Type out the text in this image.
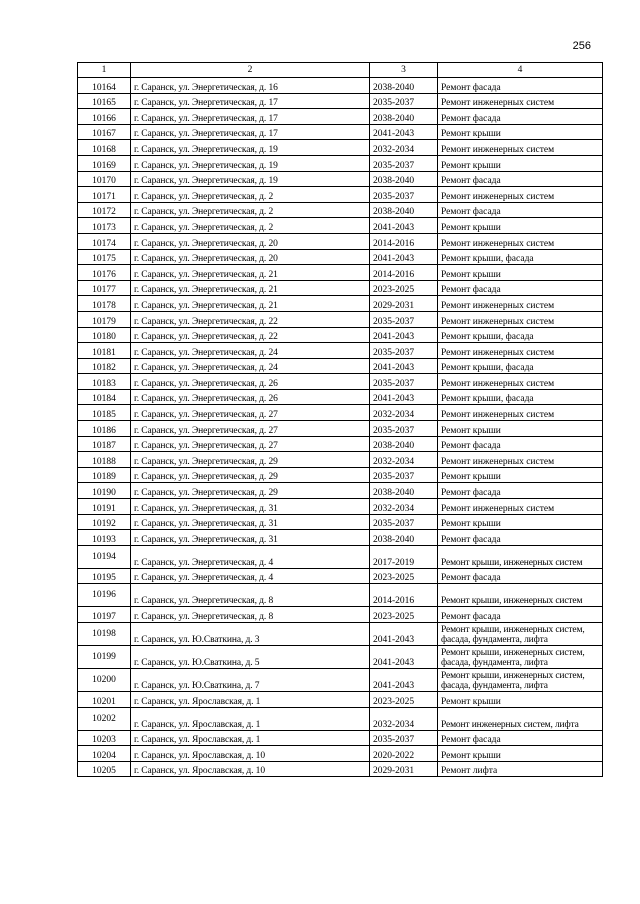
256
1	2	3	4
10164	г. Саранск, ул. Энергетическая, д. 16	2038-2040	Ремонт фасада
10165	г. Саранск, ул. Энергетическая, д. 17	2035-2037	Ремонт инженерных систем
10166	г. Саранск, ул. Энергетическая, д. 17	2038-2040	Ремонт фасада
10167	г. Саранск, ул. Энергетическая, д. 17	2041-2043	Ремонт крыши
10168	г. Саранск, ул. Энергетическая, д. 19	2032-2034	Ремонт инженерных систем
10169	г. Саранск, ул. Энергетическая, д. 19	2035-2037	Ремонт крыши
10170	г. Саранск, ул. Энергетическая, д. 19	2038-2040	Ремонт фасада
10171	г. Саранск, ул. Энергетическая, д. 2	2035-2037	Ремонт инженерных систем
10172	г. Саранск, ул. Энергетическая, д. 2	2038-2040	Ремонт фасада
10173	г. Саранск, ул. Энергетическая, д. 2	2041-2043	Ремонт крыши
10174	г. Саранск, ул. Энергетическая, д. 20	2014-2016	Ремонт инженерных систем
10175	г. Саранск, ул. Энергетическая, д. 20	2041-2043	Ремонт крыши, фасада
10176	г. Саранск, ул. Энергетическая, д. 21	2014-2016	Ремонт крыши
10177	г. Саранск, ул. Энергетическая, д. 21	2023-2025	Ремонт фасада
10178	г. Саранск, ул. Энергетическая, д. 21	2029-2031	Ремонт инженерных систем
10179	г. Саранск, ул. Энергетическая, д. 22	2035-2037	Ремонт инженерных систем
10180	г. Саранск, ул. Энергетическая, д. 22	2041-2043	Ремонт крыши, фасада
10181	г. Саранск, ул. Энергетическая, д. 24	2035-2037	Ремонт инженерных систем
10182	г. Саранск, ул. Энергетическая, д. 24	2041-2043	Ремонт крыши, фасада
10183	г. Саранск, ул. Энергетическая, д. 26	2035-2037	Ремонт инженерных систем
10184	г. Саранск, ул. Энергетическая, д. 26	2041-2043	Ремонт крыши, фасада
10185	г. Саранск, ул. Энергетическая, д. 27	2032-2034	Ремонт инженерных систем
10186	г. Саранск, ул. Энергетическая, д. 27	2035-2037	Ремонт крыши
10187	г. Саранск, ул. Энергетическая, д. 27	2038-2040	Ремонт фасада
10188	г. Саранск, ул. Энергетическая, д. 29	2032-2034	Ремонт инженерных систем
10189	г. Саранск, ул. Энергетическая, д. 29	2035-2037	Ремонт крыши
10190	г. Саранск, ул. Энергетическая, д. 29	2038-2040	Ремонт фасада
10191	г. Саранск, ул. Энергетическая, д. 31	2032-2034	Ремонт инженерных систем
10192	г. Саранск, ул. Энергетическая, д. 31	2035-2037	Ремонт крыши
10193	г. Саранск, ул. Энергетическая, д. 31	2038-2040	Ремонт фасада
10194	г. Саранск, ул. Энергетическая, д. 4	2017-2019	Ремонт крыши, инженерных систем
10195	г. Саранск, ул. Энергетическая, д. 4	2023-2025	Ремонт фасада
10196	г. Саранск, ул. Энергетическая, д. 8	2014-2016	Ремонт крыши, инженерных систем
10197	г. Саранск, ул. Энергетическая, д. 8	2023-2025	Ремонт фасада
10198	г. Саранск, ул. Ю.Сваткина, д. 3	2041-2043	Ремонт крыши, инженерных систем, фасада, фундамента, лифта
10199	г. Саранск, ул. Ю.Сваткина, д. 5	2041-2043	Ремонт крыши, инженерных систем, фасада, фундамента, лифта
10200	г. Саранск, ул. Ю.Сваткина, д. 7	2041-2043	Ремонт крыши, инженерных систем, фасада, фундамента, лифта
10201	г. Саранск, ул. Ярославская, д. 1	2023-2025	Ремонт крыши
10202	г. Саранск, ул. Ярославская, д. 1	2032-2034	Ремонт инженерных систем, лифта
10203	г. Саранск, ул. Ярославская, д. 1	2035-2037	Ремонт фасада
10204	г. Саранск, ул. Ярославская, д. 10	2020-2022	Ремонт крыши
10205	г. Саранск, ул. Ярославская, д. 10	2029-2031	Ремонт лифта
